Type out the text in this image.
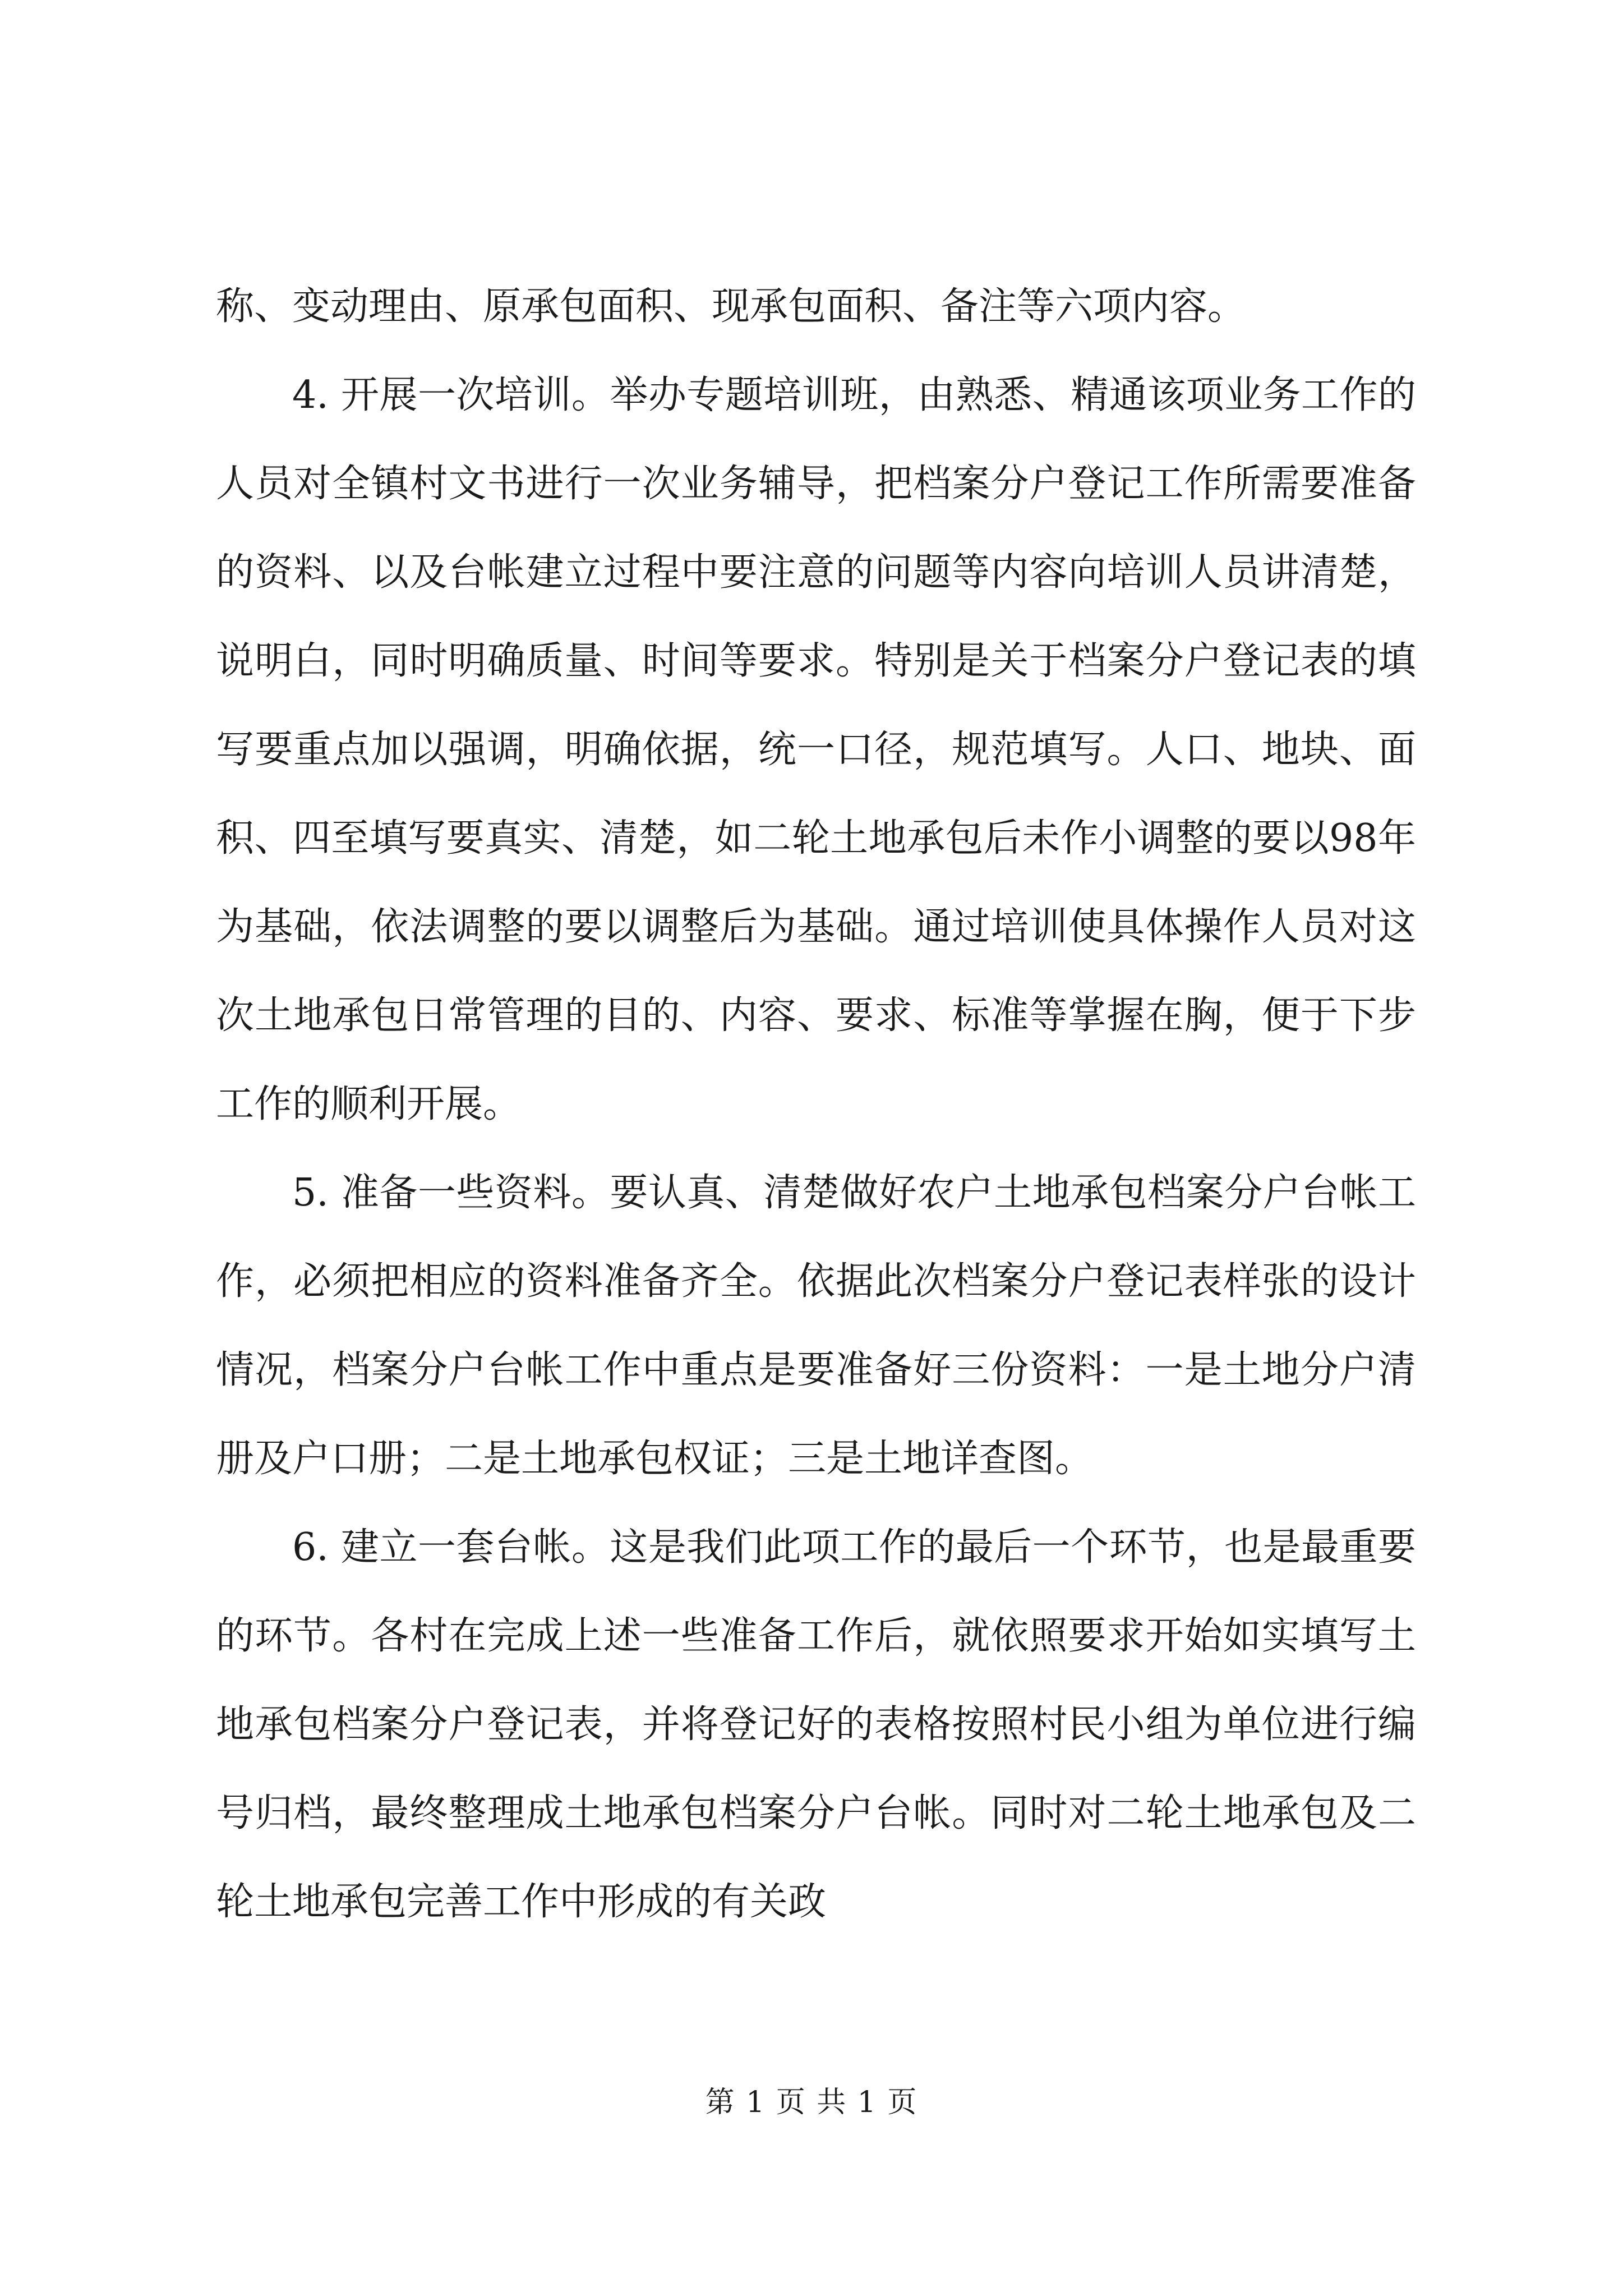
称、变动理由、原承包面积、现承包面积、备注等六项内容。

4. 开展一次培训。举办专题培训班，由熟悉、精通该项业务工作的人员对全镇村文书进行一次业务辅导，把档案分户登记工作所需要准备的资料、以及台帐建立过程中要注意的问题等内容向培训人员讲清楚，说明白，同时明确质量、时间等要求。特别是关于档案分户登记表的填写要重点加以强调，明确依据，统一口径，规范填写。人口、地块、面积、四至填写要真实、清楚，如二轮土地承包后未作小调整的要以98年为基础，依法调整的要以调整后为基础。通过培训使具体操作人员对这次土地承包日常管理的目的、内容、要求、标准等掌握在胸，便于下步工作的顺利开展。

5. 准备一些资料。要认真、清楚做好农户土地承包档案分户台帐工作，必须把相应的资料准备齐全。依据此次档案分户登记表样张的设计情况，档案分户台帐工作中重点是要准备好三份资料：一是土地分户清册及户口册；二是土地承包权证；三是土地详查图。

6. 建立一套台帐。这是我们此项工作的最后一个环节，也是最重要的环节。各村在完成上述一些准备工作后，就依照要求开始如实填写土地承包档案分户登记表，并将登记好的表格按照村民小组为单位进行编号归档，最终整理成土地承包档案分户台帐。同时对二轮土地承包及二轮土地承包完善工作中形成的有关政

第 1 页 共 1 页
